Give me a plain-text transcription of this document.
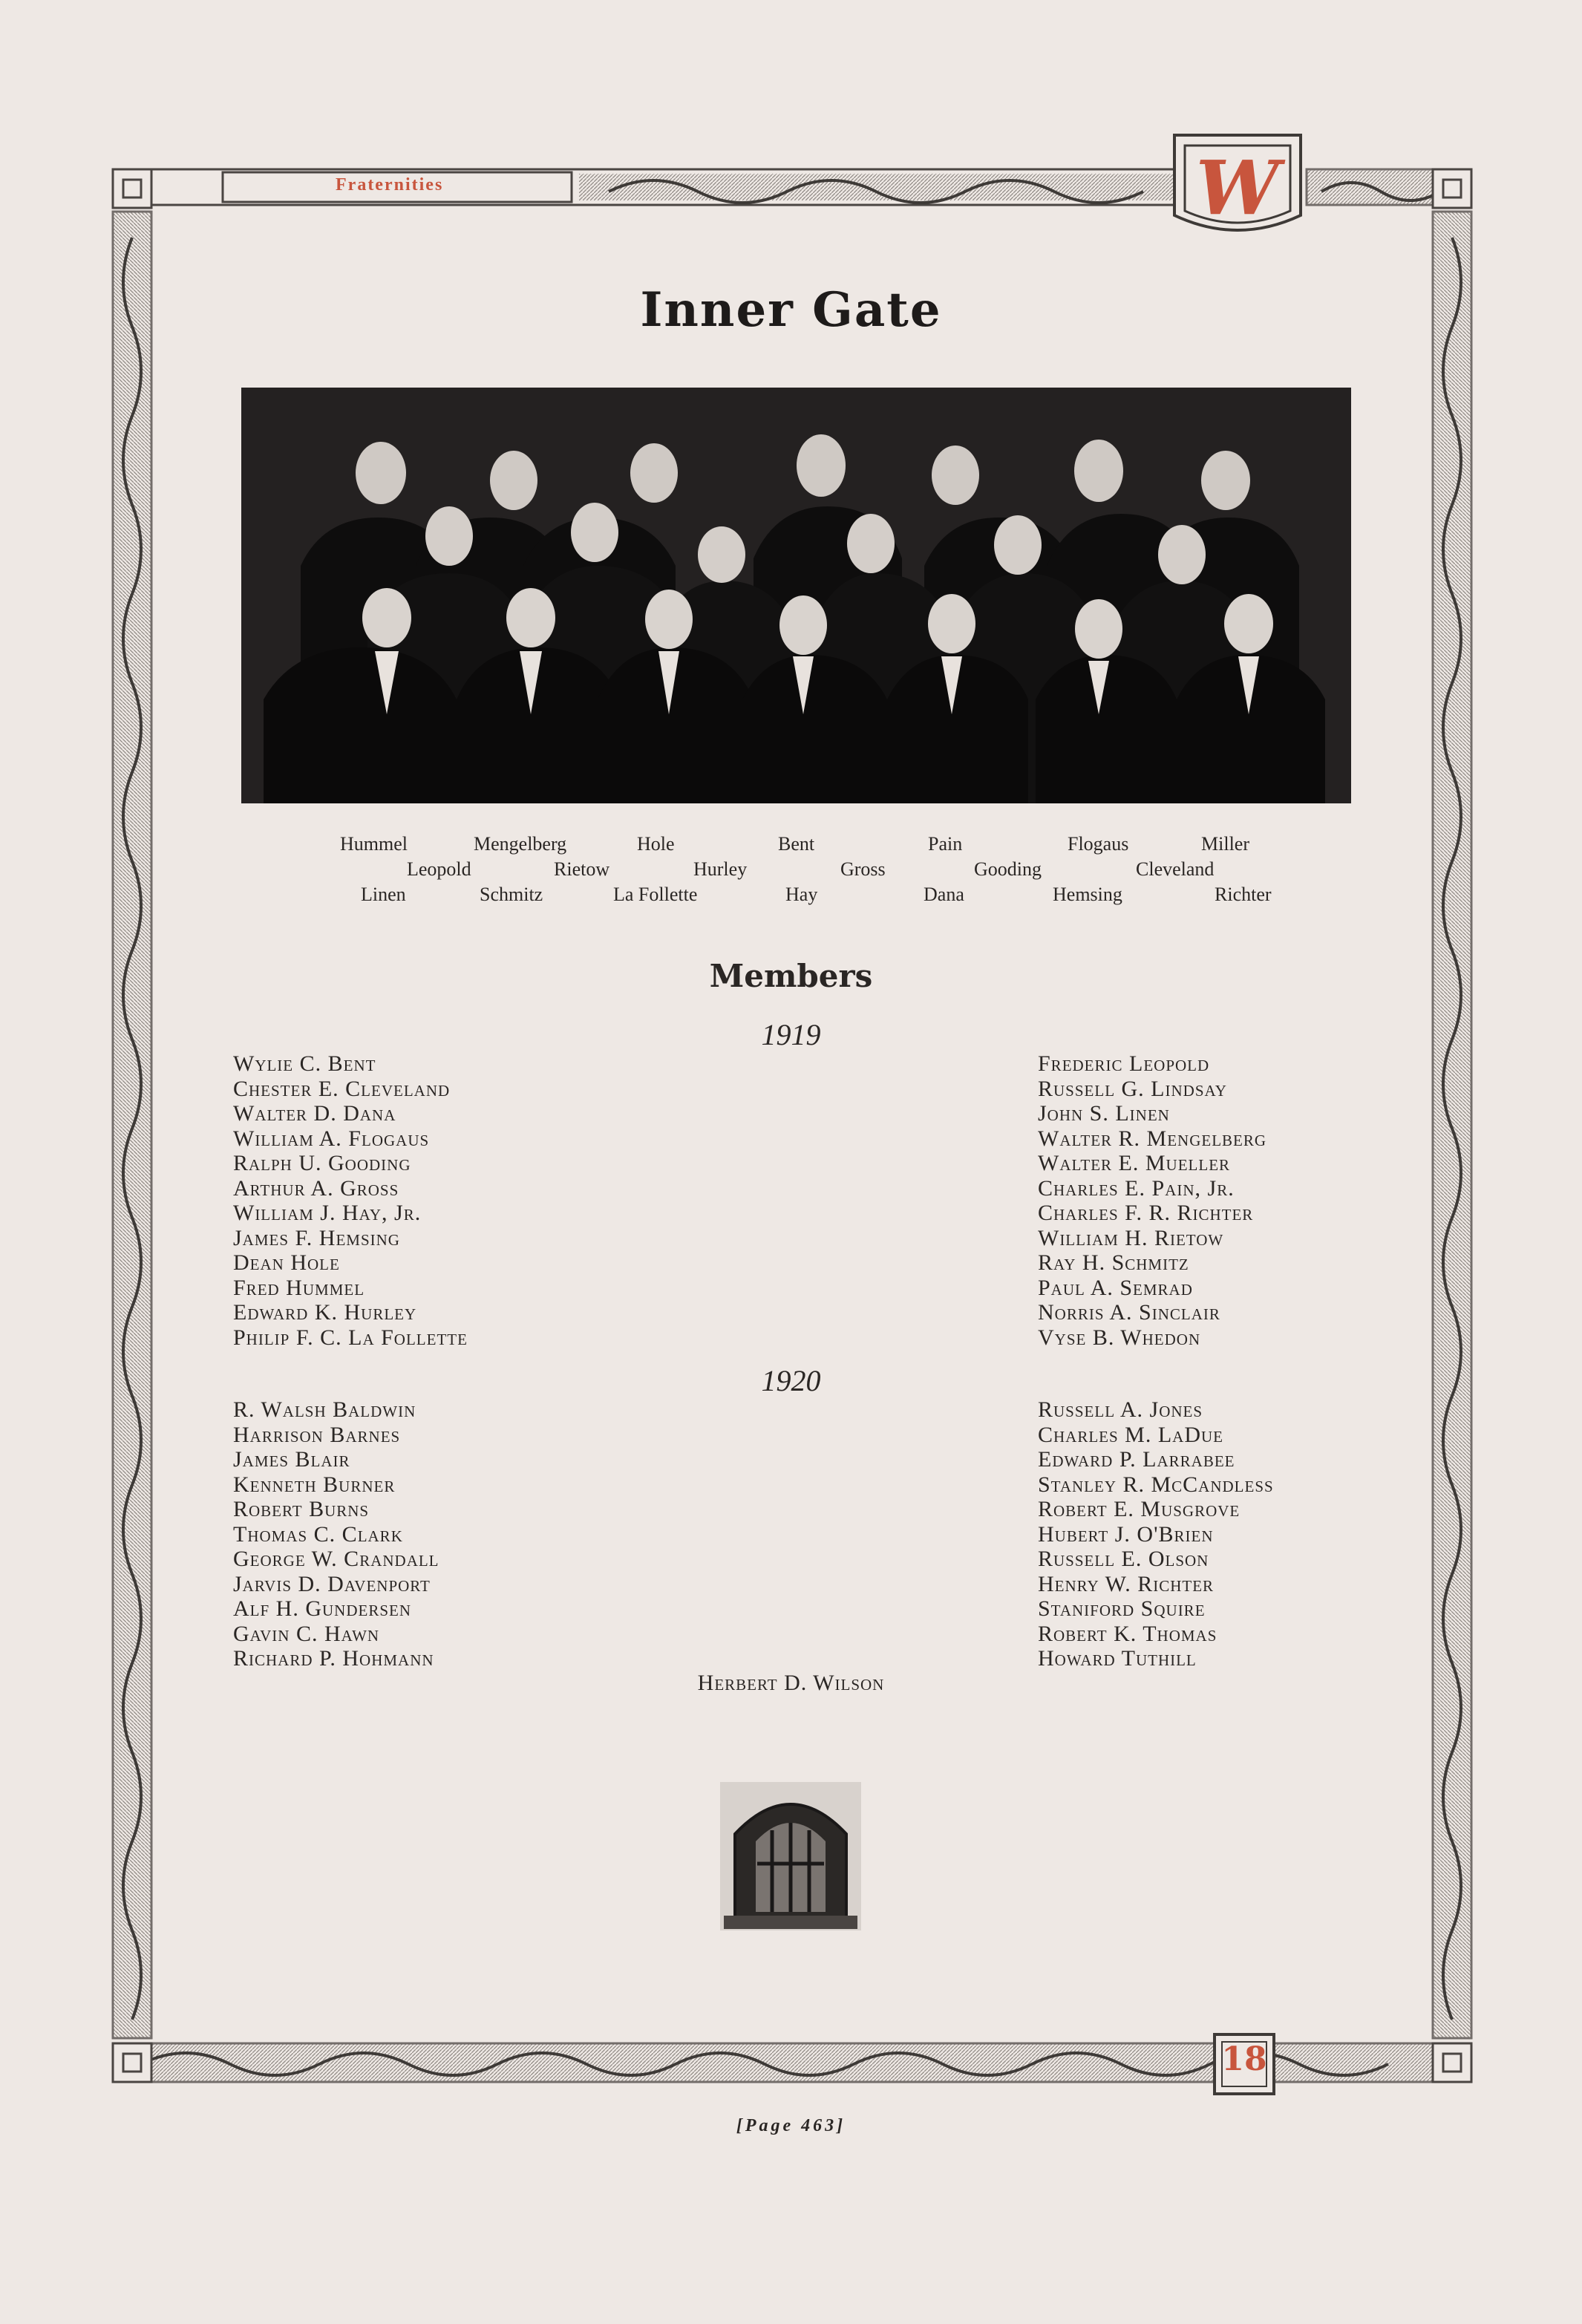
W
Fraternities
18
Inner Gate
Hummel	Mengelberg	Hole	Bent	Pain	Flogaus	Miller
Leopold	Rietow	Hurley	Gross	Gooding	Cleveland
Linen	Schmitz	La Follette	Hay	Dana	Hemsing	Richter
Members
1919
Wylie C. Bent
Chester E. Cleveland
Walter D. Dana
William A. Flogaus
Ralph U. Gooding
Arthur A. Gross
William J. Hay, Jr.
James F. Hemsing
Dean Hole
Fred Hummel
Edward K. Hurley
Philip F. C. La Follette
Frederic Leopold
Russell G. Lindsay
John S. Linen
Walter R. Mengelberg
Walter E. Mueller
Charles E. Pain, Jr.
Charles F. R. Richter
William H. Rietow
Ray H. Schmitz
Paul A. Semrad
Norris A. Sinclair
Vyse B. Whedon
1920
R. Walsh Baldwin
Harrison Barnes
James Blair
Kenneth Burner
Robert Burns
Thomas C. Clark
George W. Crandall
Jarvis D. Davenport
Alf H. Gundersen
Gavin C. Hawn
Richard P. Hohmann
Russell A. Jones
Charles M. LaDue
Edward P. Larrabee
Stanley R. McCandless
Robert E. Musgrove
Hubert J. O'Brien
Russell E. Olson
Henry W. Richter
Staniford Squire
Robert K. Thomas
Howard Tuthill
Herbert D. Wilson
[Page 463]
